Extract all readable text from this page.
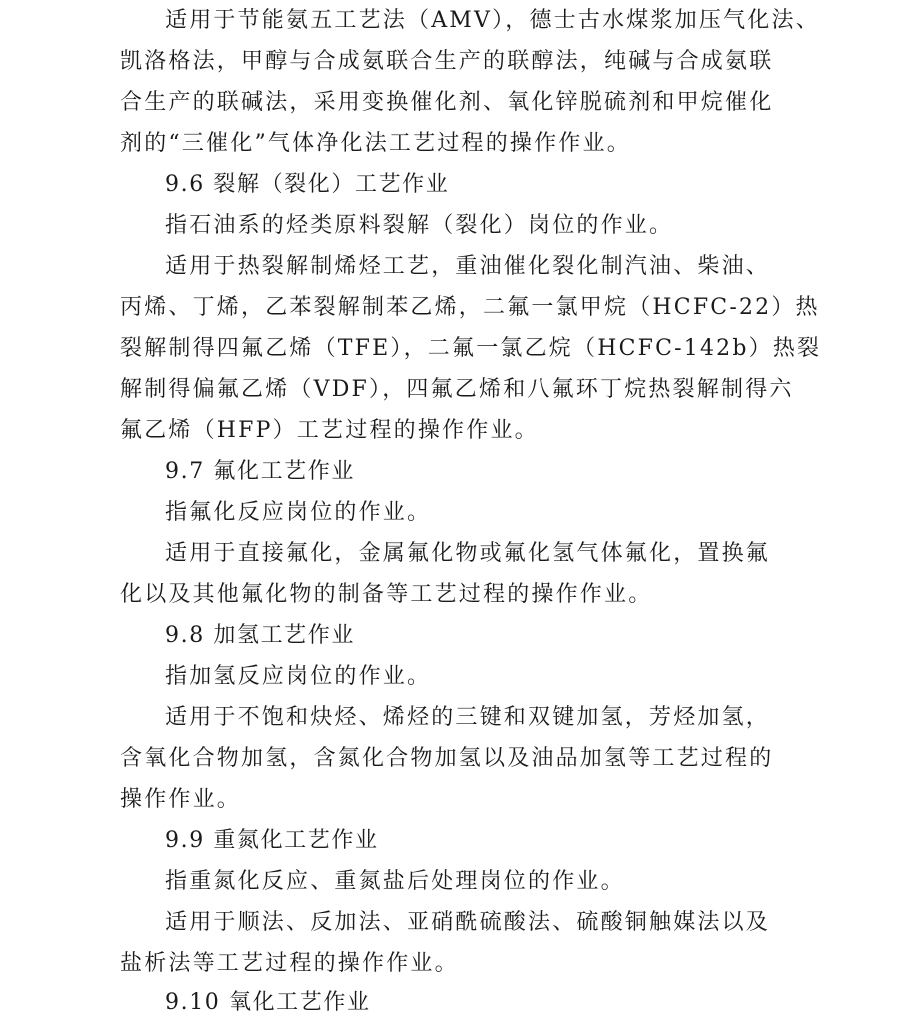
适用于节能氨五工艺法（AMV），德士古水煤浆加压气化法、
凯洛格法，甲醇与合成氨联合生产的联醇法，纯碱与合成氨联
合生产的联碱法，采用变换催化剂、氧化锌脱硫剂和甲烷催化
剂的“三催化”气体净化法工艺过程的操作作业。
9.6 裂解（裂化）工艺作业
指石油系的烃类原料裂解（裂化）岗位的作业。
适用于热裂解制烯烃工艺，重油催化裂化制汽油、柴油、
丙烯、丁烯，乙苯裂解制苯乙烯，二氟一氯甲烷（HCFC-22）热
裂解制得四氟乙烯（TFE），二氟一氯乙烷（HCFC-142b）热裂
解制得偏氟乙烯（VDF），四氟乙烯和八氟环丁烷热裂解制得六
氟乙烯（HFP）工艺过程的操作作业。
9.7 氟化工艺作业
指氟化反应岗位的作业。
适用于直接氟化，金属氟化物或氟化氢气体氟化，置换氟
化以及其他氟化物的制备等工艺过程的操作作业。
9.8 加氢工艺作业
指加氢反应岗位的作业。
适用于不饱和炔烃、烯烃的三键和双键加氢，芳烃加氢，
含氧化合物加氢，含氮化合物加氢以及油品加氢等工艺过程的
操作作业。
9.9 重氮化工艺作业
指重氮化反应、重氮盐后处理岗位的作业。
适用于顺法、反加法、亚硝酰硫酸法、硫酸铜触媒法以及
盐析法等工艺过程的操作作业。
9.10 氧化工艺作业
